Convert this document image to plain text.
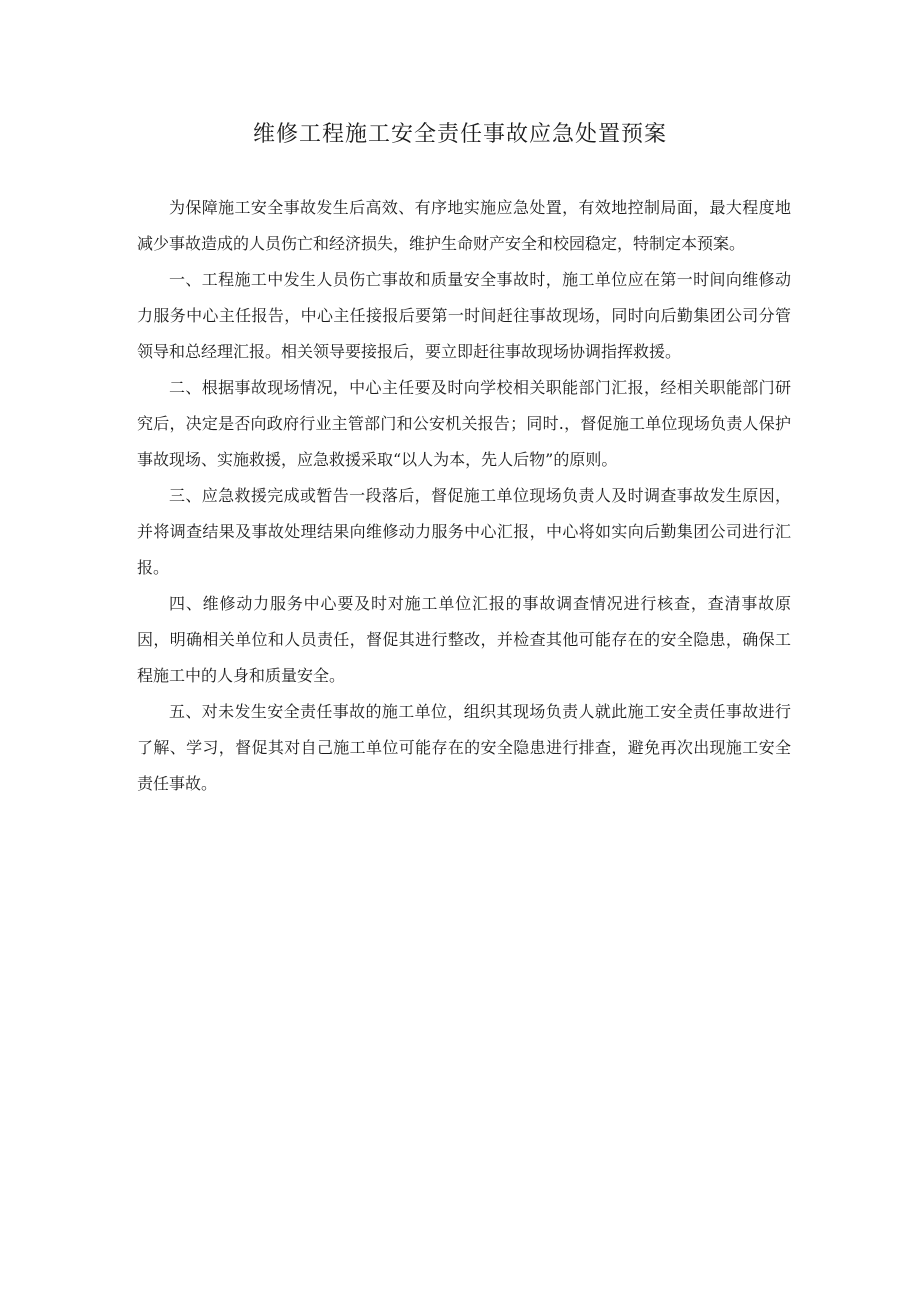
维修工程施工安全责任事故应急处置预案

为保障施工安全事故发生后高效、有序地实施应急处置，有效地控制局面，最大程度地减少事故造成的人员伤亡和经济损失，维护生命财产安全和校园稳定，特制定本预案。

一、工程施工中发生人员伤亡事故和质量安全事故时，施工单位应在第一时间向维修动力服务中心主任报告，中心主任接报后要第一时间赶往事故现场，同时向后勤集团公司分管领导和总经理汇报。相关领导要接报后，要立即赶往事故现场协调指挥救援。

二、根据事故现场情况，中心主任要及时向学校相关职能部门汇报，经相关职能部门研究后，决定是否向政府行业主管部门和公安机关报告；同时.，督促施工单位现场负责人保护事故现场、实施救援，应急救援采取“以人为本，先人后物”的原则。

三、应急救援完成或暂告一段落后，督促施工单位现场负责人及时调查事故发生原因，并将调查结果及事故处理结果向维修动力服务中心汇报，中心将如实向后勤集团公司进行汇报。

四、维修动力服务中心要及时对施工单位汇报的事故调查情况进行核查，查清事故原因，明确相关单位和人员责任，督促其进行整改，并检查其他可能存在的安全隐患，确保工程施工中的人身和质量安全。

五、对未发生安全责任事故的施工单位，组织其现场负责人就此施工安全责任事故进行了解、学习，督促其对自己施工单位可能存在的安全隐患进行排查，避免再次出现施工安全责任事故。
